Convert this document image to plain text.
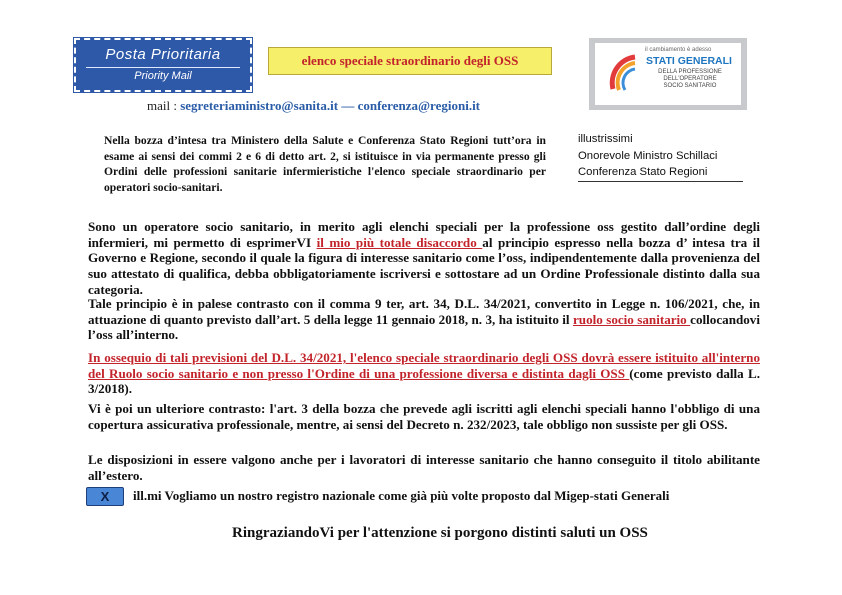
Posta Prioritaria
Priority Mail
elenco speciale straordinario degli OSS
il cambiamento è adesso
STATI GENERALI
DELLA PROFESSIONE
DELL'OPERATORE
SOCIO SANITARIO
mail : segreteriaministro@sanita.it — conferenza@regioni.it
Nella bozza d’intesa tra Ministero della Salute e Conferenza Stato Regioni tutt’ora in esame ai sensi dei commi 2 e 6 di detto art. 2, si istituisce in via permanente presso gli Ordini delle professioni sanitarie infermieristiche l'elenco speciale straordinario per operatori socio-sanitari.
illustrissimi
Onorevole Ministro Schillaci
Conferenza Stato Regioni
Sono un operatore socio sanitario, in merito agli elenchi speciali per la professione oss gestito dall’ordine degli infermieri, mi permetto di esprimerVI il mio più totale disaccordo al principio espresso nella bozza d’ intesa tra il Governo e Regione, secondo il quale la figura di interesse sanitario come l’oss, indipendentemente dalla provenienza del suo attestato di qualifica, debba obbligatoriamente iscriversi e sottostare ad un Ordine Professionale distinto dalla sua categoria.
Tale principio è in palese contrasto con il comma 9 ter, art. 34, D.L. 34/2021, convertito in Legge n. 106/2021, che, in attuazione di quanto previsto dall’art. 5 della legge 11 gennaio 2018, n. 3, ha istituito il ruolo socio sanitario collocandovi l’oss all’interno.
In ossequio di tali previsioni del D.L. 34/2021, l'elenco speciale straordinario degli OSS dovrà essere istituito all'interno del Ruolo socio sanitario e non presso l'Ordine di una professione diversa e distinta dagli OSS (come previsto dalla L. 3/2018).
Vi è poi un ulteriore contrasto: l'art. 3 della bozza che prevede agli iscritti agli elenchi speciali hanno l'obbligo di una copertura assicurativa professionale, mentre, ai sensi del Decreto n. 232/2023, tale obbligo non sussiste per gli OSS.
Le disposizioni in essere valgono anche per i lavoratori di interesse sanitario che hanno conseguito il titolo abilitante all’estero.
X	ill.mi Vogliamo un nostro registro nazionale come già più volte proposto dal Migep-stati Generali
RingraziandoVi per l'attenzione si porgono distinti saluti un OSS
